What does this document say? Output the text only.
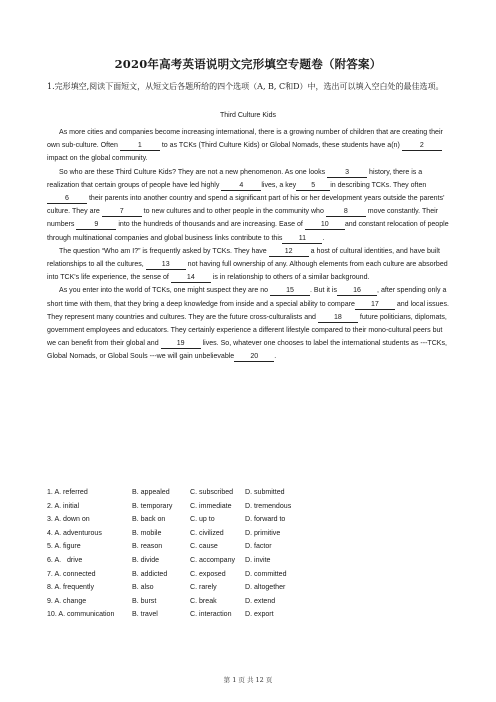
2020年高考英语说明文完形填空专题卷（附答案）
1.完形填空,阅读下面短文，从短文后各题所给的四个选项（A, B, C和D）中，选出可以填入空白处的最佳选项。
Third Culture Kids

As more cities and companies become increasing international, there is a growing number of children that are creating their own sub-culture. Often	1	to as TCKs (Third Culture Kids) or Global Nomads, these students have a(n)	2 impact on the global community.

So who are these Third Culture Kids? They are not a new phenomenon. As one looks	3	history, there is a realization that certain groups of people have led highly	4	lives, a key 5 in describing TCKs. They often6	their parents into another country and spend a significant part of his or her development years outside the parents' culture. They are	7	to new cultures and to other people in the community who	8	move constantly. Their numbers	9	into the hundreds of thousands and are increasing. Ease of 10 and constant relocation of people through multinational companies and global business links contribute to this 11 .

The question “Who am I?” is frequently asked by TCKs. They have 12 a host of cultural identities, and have built relationships to all the cultures, 13 not having full ownership of any. Although elements from each culture are absorbed into TCK's life experience, the sense of 14 is in relationship to others of a similar background.

As you enter into the world of TCKs, one might suspect they are no 15 . But it is 16 , after spending only a short time with them, that they bring a deep knowledge from inside and a special ability to compare 17 and local issues. They represent many countries and cultures. They are the future cross-culturalists and 18 future politicians, diplomats, government employees and educators. They certainly experience a different lifestyle compared to their mono-cultural peers but we can benefit from their global and 19 lives. So, whatever one chooses to label the international students as ---TCKs, Global Nomads, or Global Souls ---we will gain unbelievable 20 .

1. A. referred	B. appealed	C. subscribed	D. submitted
2. A. initial	B. temporary	C. immediate	D. tremendous
3. A. down on	B. back on	C. up to	D. forward to
4. A. adventurous	B. mobile	C. civilized	D. primitive
5. A. figure	B. reason	C. cause	D. factor
6. A.   drive	B. divide	C. accompany	D. invite
7. A. connected	B. addicted	C. exposed	D. committed
8. A. frequently	B. also	C. rarely	D. altogether
9. A. change	B. burst	C. break	D. extend
10. A. communication	B. travel	C. interaction	D. export
第 1 页 共 12 页
